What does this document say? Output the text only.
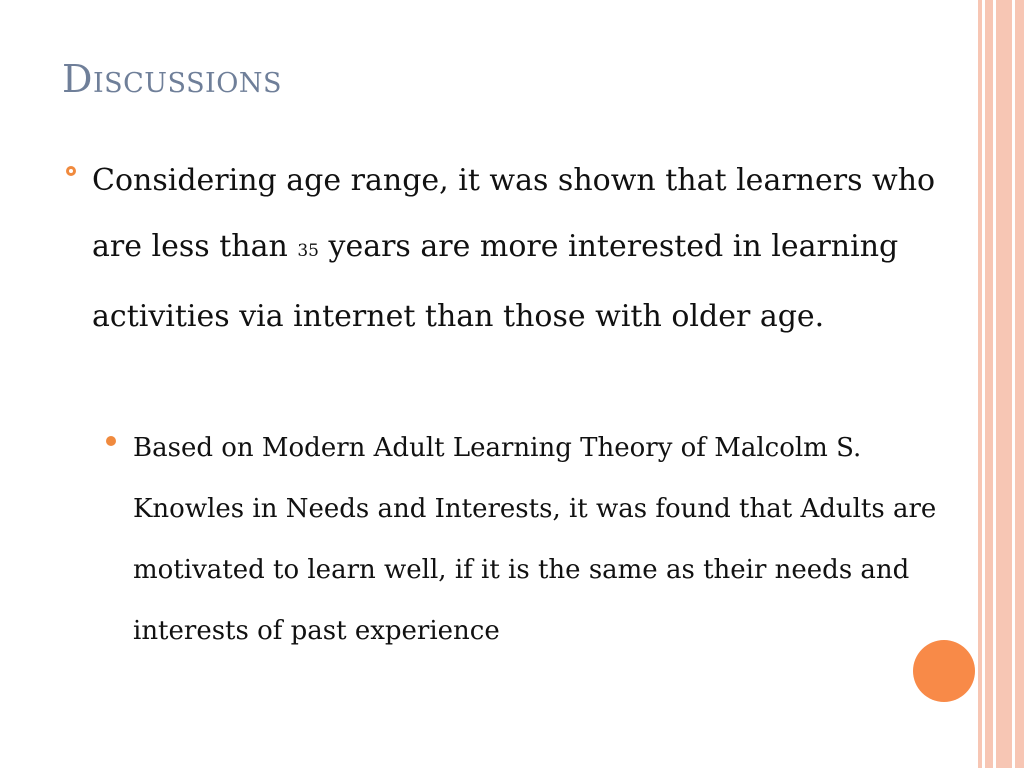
Discussions
Considering age range, it was shown that learners who are less than 35 years are more interested in learning activities via internet than those with older age.
Based on Modern Adult Learning Theory of Malcolm S. Knowles in Needs and Interests, it was found that Adults are motivated to learn well, if it is the same as their needs and interests of past experience
